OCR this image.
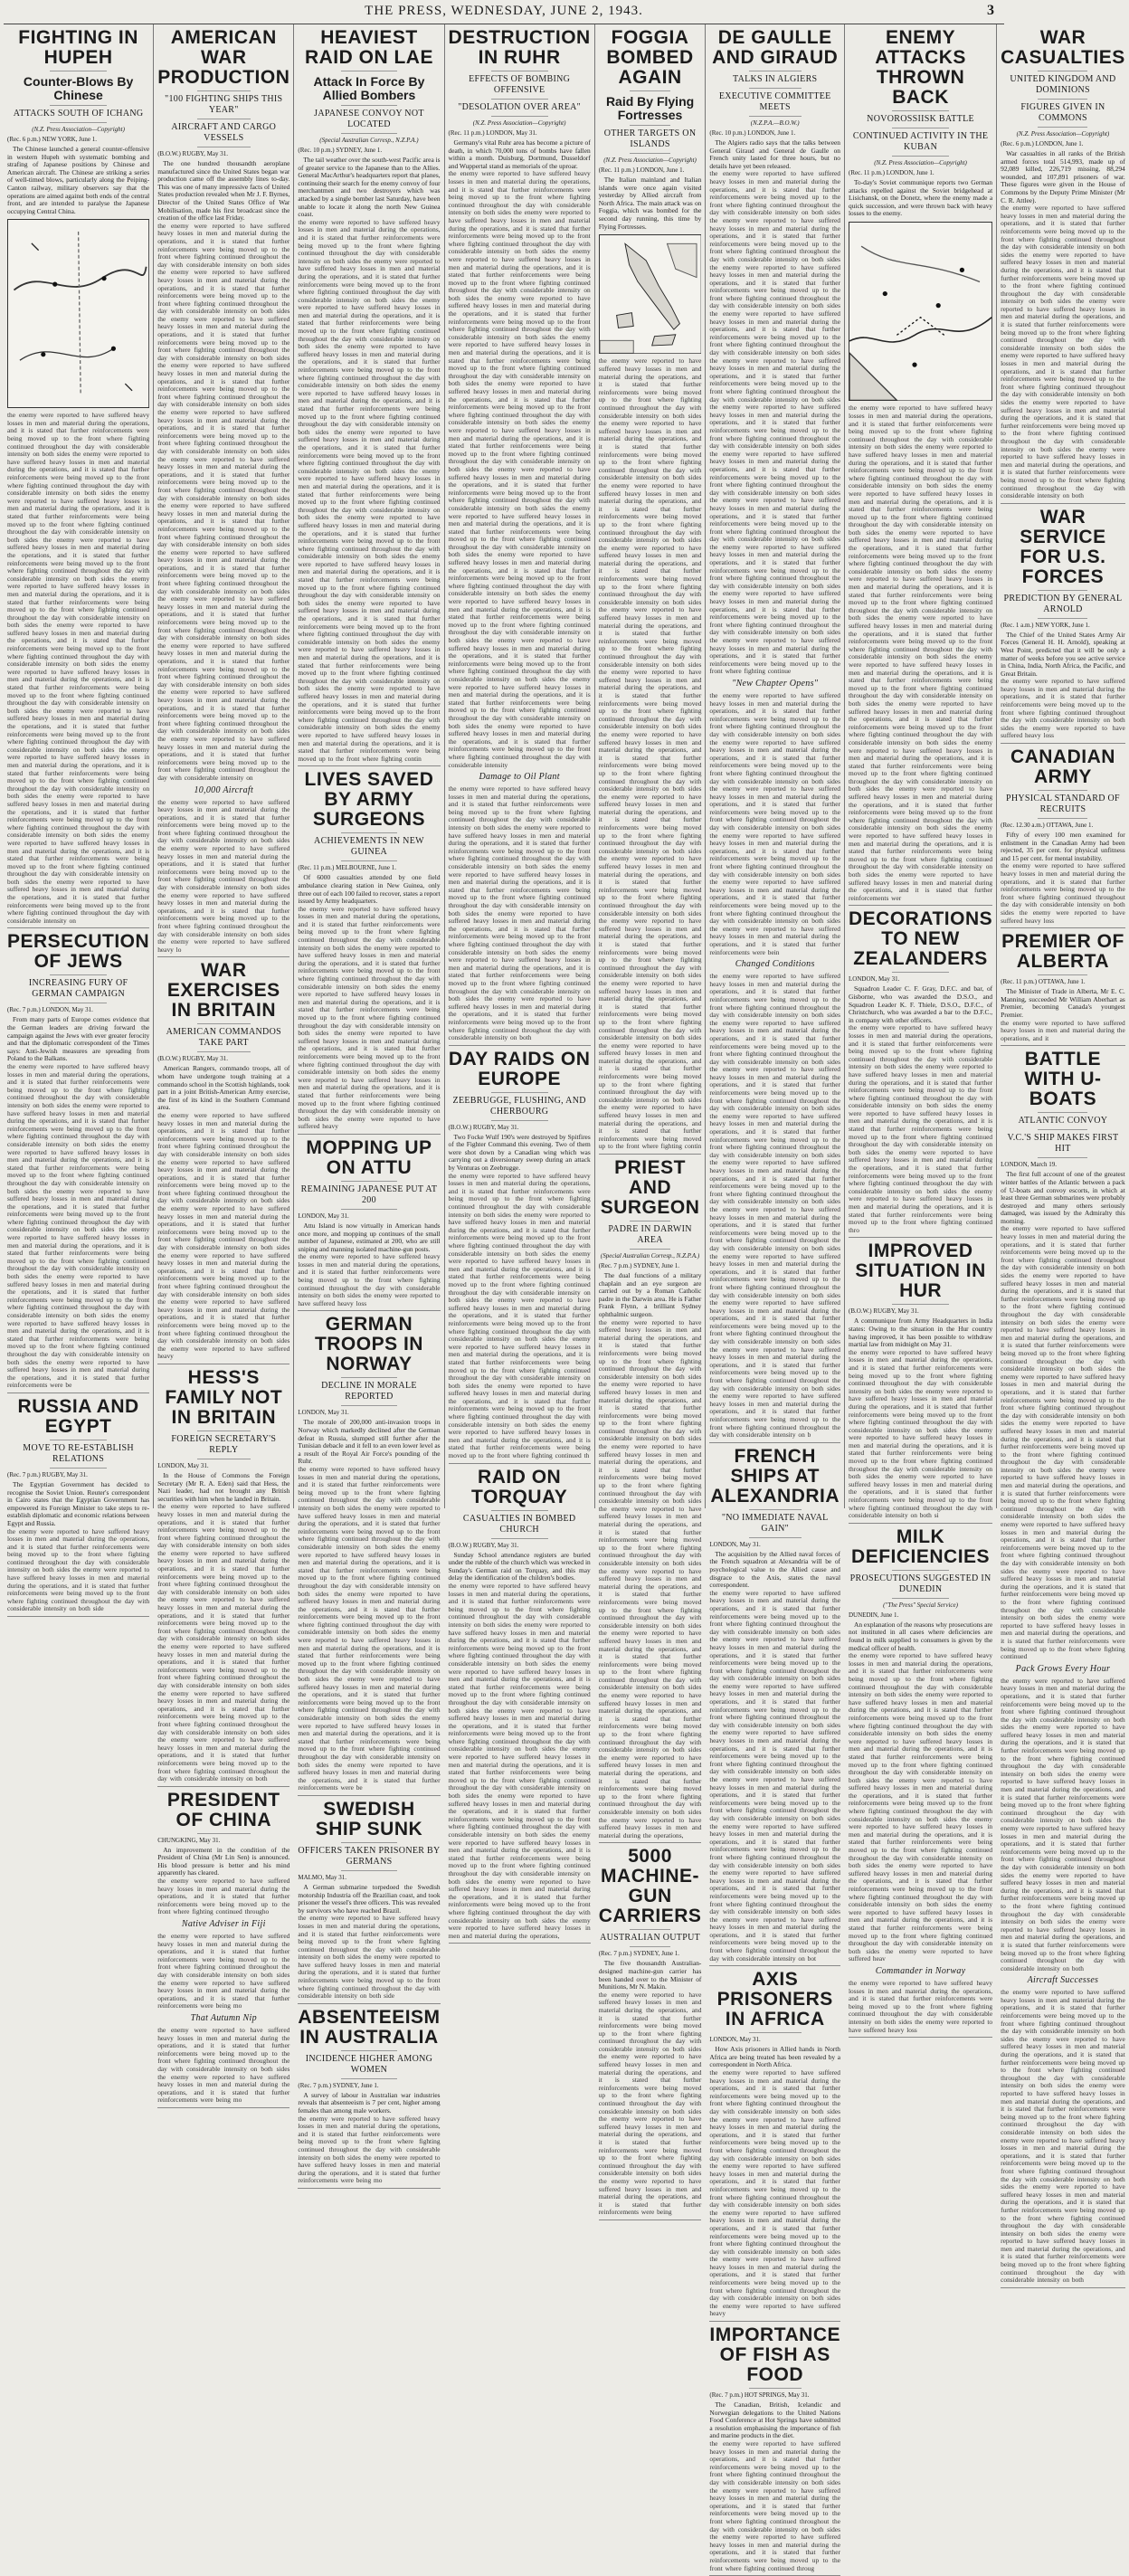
THE PRESS, WEDNESDAY, JUNE 2, 1943.	3
FIGHTING IN HUPEH
Counter-Blows By Chinese
ATTACKS SOUTH OF ICHANG
(N.Z. Press Association—Copyright)
(Rec. 6 p.m.) NEW YORK, June 1.

The Chinese launched a general counter-offensive in western Hupeh with systematic bombing and strafing of Japanese positions by Chinese and American aircraft. The Chinese are striking a series of well-timed blows, particularly along the Peiping-Canton railway, military observers say that the operations are aimed against both ends of the central front, and are intended to paralyse the Japanese occupying Central China.

the enemy were reported to have suffered heavy losses in men and material during the operations, and it is stated that further reinforcements were being moved up to the front where fighting continued throughout the day with considerable intensity on both sides the enemy were reported to have suffered heavy losses in men and material during the operations, and it is stated that further reinforcements were being moved up to the front where fighting continued throughout the day with considerable intensity on both sides the enemy were reported to have suffered heavy losses in men and material during the operations, and it is stated that further reinforcements were being moved up to the front where fighting continued throughout the day with considerable intensity on both sides the enemy were reported to have suffered heavy losses in men and material during the operations, and it is stated that further reinforcements were being moved up to the front where fighting continued throughout the day with considerable intensity on both sides the enemy were reported to have suffered heavy losses in men and material during the operations, and it is stated that further reinforcements were being moved up to the front where fighting continued throughout the day with considerable intensity on both sides the enemy were reported to have suffered heavy losses in men and material during the operations, and it is stated that further reinforcements were being moved up to the front where fighting continued throughout the day with considerable intensity on both sides the enemy were reported to have suffered heavy losses in men and material during the operations, and it is stated that further reinforcements were being moved up to the front where fighting continued throughout the day with considerable intensity on both sides the enemy were reported to have suffered heavy losses in men and material during the operations, and it is stated that further reinforcements were being moved up to the front where fighting continued throughout the day with considerable intensity on both sides the enemy were reported to have suffered heavy losses in men and material during the operations, and it is stated that further reinforcements were being moved up to the front where fighting continued throughout the day with considerable intensity on both sides the enemy were reported to have suffered heavy losses in men and material during the operations, and it is stated that further reinforcements were being moved up to the front where fighting continued throughout the day with considerable intensity on both sides the enemy were reported to have suffered heavy losses in men and material during the operations, and it is stated that further reinforcements were being moved up to the front where fighting continued throughout the day with considerable intensity on both sides the enemy were reported to have suffered heavy losses in men and material during the operations, and it is stated that further reinforcements were being moved up to the front where fighting continued throughout the day with considerable intensity on

PERSECUTION OF JEWS
INCREASING FURY OF GERMAN CAMPAIGN
(Rec. 7 p.m.) LONDON, May 31.

From many parts of Europe comes evidence that the German leaders are driving forward the campaign against the Jews with ever greater ferocity and that the diplomatic correspondent of the Times says: Anti-Jewish measures are spreading from Poland to the Balkans.

the enemy were reported to have suffered heavy losses in men and material during the operations, and it is stated that further reinforcements were being moved up to the front where fighting continued throughout the day with considerable intensity on both sides the enemy were reported to have suffered heavy losses in men and material during the operations, and it is stated that further reinforcements were being moved up to the front where fighting continued throughout the day with considerable intensity on both sides the enemy were reported to have suffered heavy losses in men and material during the operations, and it is stated that further reinforcements were being moved up to the front where fighting continued throughout the day with considerable intensity on both sides the enemy were reported to have suffered heavy losses in men and material during the operations, and it is stated that further reinforcements were being moved up to the front where fighting continued throughout the day with considerable intensity on both sides the enemy were reported to have suffered heavy losses in men and material during the operations, and it is stated that further reinforcements were being moved up to the front where fighting continued throughout the day with considerable intensity on both sides the enemy were reported to have suffered heavy losses in men and material during the operations, and it is stated that further reinforcements were being moved up to the front where fighting continued throughout the day with considerable intensity on both sides the enemy were reported to have suffered heavy losses in men and material during the operations, and it is stated that further reinforcements were being moved up to the front where fighting continued throughout the day with considerable intensity on both sides the enemy were reported to have suffered heavy losses in men and material during the operations, and it is stated that further reinforcements were be

RUSSIA AND EGYPT
MOVE TO RE-ESTABLISH RELATIONS
(Rec. 7 p.m.) RUGBY, May 31.

The Egyptian Government has decided to recognise the Soviet Union. Reuter's correspondent in Cairo states that the Egyptian Government has empowered its Foreign Minister to take steps to re-establish diplomatic and economic relations between Egypt and Russia.

the enemy were reported to have suffered heavy losses in men and material during the operations, and it is stated that further reinforcements were being moved up to the front where fighting continued throughout the day with considerable intensity on both sides the enemy were reported to have suffered heavy losses in men and material during the operations, and it is stated that further reinforcements were being moved up to the front where fighting continued throughout the day with considerable intensity on both side

AMERICAN WAR PRODUCTION
"100 FIGHTING SHIPS THIS YEAR"
AIRCRAFT AND CARGO VESSELS
(B.O.W.) RUGBY, May 31.

The one hundred thousandth aeroplane manufactured since the United States began war production came off the assembly lines to-day. This was one of many impressive facts of United States production revealed when Mr J. F. Byrnes, Director of the United States Office of War Mobilisation, made his first broadcast since the creation of the office last Friday.

the enemy were reported to have suffered heavy losses in men and material during the operations, and it is stated that further reinforcements were being moved up to the front where fighting continued throughout the day with considerable intensity on both sides the enemy were reported to have suffered heavy losses in men and material during the operations, and it is stated that further reinforcements were being moved up to the front where fighting continued throughout the day with considerable intensity on both sides the enemy were reported to have suffered heavy losses in men and material during the operations, and it is stated that further reinforcements were being moved up to the front where fighting continued throughout the day with considerable intensity on both sides the enemy were reported to have suffered heavy losses in men and material during the operations, and it is stated that further reinforcements were being moved up to the front where fighting continued throughout the day with considerable intensity on both sides the enemy were reported to have suffered heavy losses in men and material during the operations, and it is stated that further reinforcements were being moved up to the front where fighting continued throughout the day with considerable intensity on both sides the enemy were reported to have suffered heavy losses in men and material during the operations, and it is stated that further reinforcements were being moved up to the front where fighting continued throughout the day with considerable intensity on both sides the enemy were reported to have suffered heavy losses in men and material during the operations, and it is stated that further reinforcements were being moved up to the front where fighting continued throughout the day with considerable intensity on both sides the enemy were reported to have suffered heavy losses in men and material during the operations, and it is stated that further reinforcements were being moved up to the front where fighting continued throughout the day with considerable intensity on both sides the enemy were reported to have suffered heavy losses in men and material during the operations, and it is stated that further reinforcements were being moved up to the front where fighting continued throughout the day with considerable intensity on both sides the enemy were reported to have suffered heavy losses in men and material during the operations, and it is stated that further reinforcements were being moved up to the front where fighting continued throughout the day with considerable intensity on both sides the enemy were reported to have suffered heavy losses in men and material during the operations, and it is stated that further reinforcements were being moved up to the front where fighting continued throughout the day with considerable intensity on both sides the enemy were reported to have suffered heavy losses in men and material during the operations, and it is stated that further reinforcements were being moved up to the front where fighting continued throughout the day with considerable intensity on

10,000 Aircraft

the enemy were reported to have suffered heavy losses in men and material during the operations, and it is stated that further reinforcements were being moved up to the front where fighting continued throughout the day with considerable intensity on both sides the enemy were reported to have suffered heavy losses in men and material during the operations, and it is stated that further reinforcements were being moved up to the front where fighting continued throughout the day with considerable intensity on both sides the enemy were reported to have suffered heavy losses in men and material during the operations, and it is stated that further reinforcements were being moved up to the front where fighting continued throughout the day with considerable intensity on both sides the enemy were reported to have suffered heavy lo

WAR EXERCISES IN BRITAIN
AMERICAN COMMANDOS TAKE PART
(B.O.W.) RUGBY, May 31.

American Rangers, commando troops, all of whom have undergone tough training at a commando school in the Scottish highlands, took part in a joint British-American Army exercise, the first of its kind in the Southern Command area.

the enemy were reported to have suffered heavy losses in men and material during the operations, and it is stated that further reinforcements were being moved up to the front where fighting continued throughout the day with considerable intensity on both sides the enemy were reported to have suffered heavy losses in men and material during the operations, and it is stated that further reinforcements were being moved up to the front where fighting continued throughout the day with considerable intensity on both sides the enemy were reported to have suffered heavy losses in men and material during the operations, and it is stated that further reinforcements were being moved up to the front where fighting continued throughout the day with considerable intensity on both sides the enemy were reported to have suffered heavy losses in men and material during the operations, and it is stated that further reinforcements were being moved up to the front where fighting continued throughout the day with considerable intensity on both sides the enemy were reported to have suffered heavy losses in men and material during the operations, and it is stated that further reinforcements were being moved up to the front where fighting continued throughout the day with considerable intensity on both sides the enemy were reported to have suffered heavy

HESS'S FAMILY NOT IN BRITAIN
FOREIGN SECRETARY'S REPLY
LONDON, May 31.

In the House of Commons the Foreign Secretary (Mr R. A. Eden) said that Hess, the Nazi leader, had not brought any British securities with him when he landed in Britain.

the enemy were reported to have suffered heavy losses in men and material during the operations, and it is stated that further reinforcements were being moved up to the front where fighting continued throughout the day with considerable intensity on both sides the enemy were reported to have suffered heavy losses in men and material during the operations, and it is stated that further reinforcements were being moved up to the front where fighting continued throughout the day with considerable intensity on both sides the enemy were reported to have suffered heavy losses in men and material during the operations, and it is stated that further reinforcements were being moved up to the front where fighting continued throughout the day with considerable intensity on both sides the enemy were reported to have suffered heavy losses in men and material during the operations, and it is stated that further reinforcements were being moved up to the front where fighting continued throughout the day with considerable intensity on both sides the enemy were reported to have suffered heavy losses in men and material during the operations, and it is stated that further reinforcements were being moved up to the front where fighting continued throughout the day with considerable intensity on both sides the enemy were reported to have suffered heavy losses in men and material during the operations, and it is stated that further reinforcements were being moved up to the front where fighting continued throughout the day with considerable intensity on both

PRESIDENT OF CHINA
CHUNGKING, May 31.

An improvement in the condition of the President of China (Mr Lin Sen) is announced. His blood pressure is better and his mind apparently has cleared.

the enemy were reported to have suffered heavy losses in men and material during the operations, and it is stated that further reinforcements were being moved up to the front where fighting continued througho

Native Adviser in Fiji

the enemy were reported to have suffered heavy losses in men and material during the operations, and it is stated that further reinforcements were being moved up to the front where fighting continued throughout the day with considerable intensity on both sides the enemy were reported to have suffered heavy losses in men and material during the operations, and it is stated that further reinforcements were being mo

That Autumn Nip

the enemy were reported to have suffered heavy losses in men and material during the operations, and it is stated that further reinforcements were being moved up to the front where fighting continued throughout the day with considerable intensity on both sides the enemy were reported to have suffered heavy losses in men and material during the operations, and it is stated that further reinforcements were being mo

HEAVIEST RAID ON LAE
Attack In Force By Allied Bombers
JAPANESE CONVOY NOT LOCATED
(Special Australian Corresp., N.Z.P.A.)
(Rec. 10 p.m.) SYDNEY, June 1.

The tail weather over the south-west Pacific area is of greater service to the Japanese than to the Allies. General MacArthur's headquarters report that planes, continuing their search for the enemy convoy of four merchantmen and two destroyers which was attacked by a single bomber last Saturday, have been unable to locate it along the north New Guinea coast.

the enemy were reported to have suffered heavy losses in men and material during the operations, and it is stated that further reinforcements were being moved up to the front where fighting continued throughout the day with considerable intensity on both sides the enemy were reported to have suffered heavy losses in men and material during the operations, and it is stated that further reinforcements were being moved up to the front where fighting continued throughout the day with considerable intensity on both sides the enemy were reported to have suffered heavy losses in men and material during the operations, and it is stated that further reinforcements were being moved up to the front where fighting continued throughout the day with considerable intensity on both sides the enemy were reported to have suffered heavy losses in men and material during the operations, and it is stated that further reinforcements were being moved up to the front where fighting continued throughout the day with considerable intensity on both sides the enemy were reported to have suffered heavy losses in men and material during the operations, and it is stated that further reinforcements were being moved up to the front where fighting continued throughout the day with considerable intensity on both sides the enemy were reported to have suffered heavy losses in men and material during the operations, and it is stated that further reinforcements were being moved up to the front where fighting continued throughout the day with considerable intensity on both sides the enemy were reported to have suffered heavy losses in men and material during the operations, and it is stated that further reinforcements were being moved up to the front where fighting continued throughout the day with considerable intensity on both sides the enemy were reported to have suffered heavy losses in men and material during the operations, and it is stated that further reinforcements were being moved up to the front where fighting continued throughout the day with considerable intensity on both sides the enemy were reported to have suffered heavy losses in men and material during the operations, and it is stated that further reinforcements were being moved up to the front where fighting continued throughout the day with considerable intensity on both sides the enemy were reported to have suffered heavy losses in men and material during the operations, and it is stated that further reinforcements were being moved up to the front where fighting continued throughout the day with considerable intensity on both sides the enemy were reported to have suffered heavy losses in men and material during the operations, and it is stated that further reinforcements were being moved up to the front where fighting continued throughout the day with considerable intensity on both sides the enemy were reported to have suffered heavy losses in men and material during the operations, and it is stated that further reinforcements were being moved up to the front where fighting continued throughout the day with considerable intensity on both sides the enemy were reported to have suffered heavy losses in men and material during the operations, and it is stated that further reinforcements were being moved up to the front where fighting contin

LIVES SAVED BY ARMY SURGEONS
ACHIEVEMENTS IN NEW GUINEA
(Rec. 11 p.m.) MELBOURNE, June 1.

Of 6000 casualties attended by one field ambulance clearing station in New Guinea, only three out of each 100 failed to recover, states a report issued by Army headquarters.

the enemy were reported to have suffered heavy losses in men and material during the operations, and it is stated that further reinforcements were being moved up to the front where fighting continued throughout the day with considerable intensity on both sides the enemy were reported to have suffered heavy losses in men and material during the operations, and it is stated that further reinforcements were being moved up to the front where fighting continued throughout the day with considerable intensity on both sides the enemy were reported to have suffered heavy losses in men and material during the operations, and it is stated that further reinforcements were being moved up to the front where fighting continued throughout the day with considerable intensity on both sides the enemy were reported to have suffered heavy losses in men and material during the operations, and it is stated that further reinforcements were being moved up to the front where fighting continued throughout the day with considerable intensity on both sides the enemy were reported to have suffered heavy losses in men and material during the operations, and it is stated that further reinforcements were being moved up to the front where fighting continued throughout the day with considerable intensity on both sides the enemy were reported to have suffered heavy

MOPPING UP ON ATTU
REMAINING JAPANESE PUT AT 200
LONDON, May 31.

Attu Island is now virtually in American hands once more, and mopping up continues of the small number of Japanese, estimated at 200, who are still sniping and manning isolated machine-gun posts.

the enemy were reported to have suffered heavy losses in men and material during the operations, and it is stated that further reinforcements were being moved up to the front where fighting continued throughout the day with considerable intensity on both sides the enemy were reported to have suffered heavy loss

GERMAN TROOPS IN NORWAY
DECLINE IN MORALE REPORTED
LONDON, May 31.

The morale of 200,000 anti-invasion troops in Norway which markedly declined after the German defeat in Russia, slumped still further after the Tunisian debacle and it fell to an even lower level as a result of the Royal Air Force's pounding of the Ruhr.

the enemy were reported to have suffered heavy losses in men and material during the operations, and it is stated that further reinforcements were being moved up to the front where fighting continued throughout the day with considerable intensity on both sides the enemy were reported to have suffered heavy losses in men and material during the operations, and it is stated that further reinforcements were being moved up to the front where fighting continued throughout the day with considerable intensity on both sides the enemy were reported to have suffered heavy losses in men and material during the operations, and it is stated that further reinforcements were being moved up to the front where fighting continued throughout the day with considerable intensity on both sides the enemy were reported to have suffered heavy losses in men and material during the operations, and it is stated that further reinforcements were being moved up to the front where fighting continued throughout the day with considerable intensity on both sides the enemy were reported to have suffered heavy losses in men and material during the operations, and it is stated that further reinforcements were being moved up to the front where fighting continued throughout the day with considerable intensity on both sides the enemy were reported to have suffered heavy losses in men and material during the operations, and it is stated that further reinforcements were being moved up to the front where fighting continued throughout the day with considerable intensity on both sides the enemy were reported to have suffered heavy losses in men and material during the operations, and it is stated that further reinforcements were being moved up to the front where fighting continued throughout the day with considerable intensity on both sides the enemy were reported to have suffered heavy losses in men and material during the operations, and it is stated that further reinforcements were be

SWEDISH SHIP SUNK
OFFICERS TAKEN PRISONER BY GERMANS
MALMO, May 31.

A German submarine torpedoed the Swedish motorship Industria off the Brazilian coast, and took prisoner the vessel's three officers. This was revealed by survivors who have reached Brazil.

the enemy were reported to have suffered heavy losses in men and material during the operations, and it is stated that further reinforcements were being moved up to the front where fighting continued throughout the day with considerable intensity on both sides the enemy were reported to have suffered heavy losses in men and material during the operations, and it is stated that further reinforcements were being moved up to the front where fighting continued throughout the day with considerable intensity on both side

ABSENTEEISM IN AUSTRALIA
INCIDENCE HIGHER AMONG WOMEN
(Rec. 7 p.m.) SYDNEY, June 1.

A survey of labour in Australian war industries reveals that absenteeism is 7 per cent, higher among females than among male workers.

the enemy were reported to have suffered heavy losses in men and material during the operations, and it is stated that further reinforcements were being moved up to the front where fighting continued throughout the day with considerable intensity on both sides the enemy were reported to have suffered heavy losses in men and material during the operations, and it is stated that further reinforcements were being mo

DESTRUCTION IN RUHR
EFFECTS OF BOMBING OFFENSIVE
"DESOLATION OVER AREA"
(N.Z. Press Association—Copyright)
(Rec. 11 p.m.) LONDON, May 31.

Germany's vital Ruhr area has become a picture of death, in which 70,000 tons of bombs have fallen within a month. Duisburg, Dortmund, Dusseldorf and Wuppertal stand as memorials of the uproar.

the enemy were reported to have suffered heavy losses in men and material during the operations, and it is stated that further reinforcements were being moved up to the front where fighting continued throughout the day with considerable intensity on both sides the enemy were reported to have suffered heavy losses in men and material during the operations, and it is stated that further reinforcements were being moved up to the front where fighting continued throughout the day with considerable intensity on both sides the enemy were reported to have suffered heavy losses in men and material during the operations, and it is stated that further reinforcements were being moved up to the front where fighting continued throughout the day with considerable intensity on both sides the enemy were reported to have suffered heavy losses in men and material during the operations, and it is stated that further reinforcements were being moved up to the front where fighting continued throughout the day with considerable intensity on both sides the enemy were reported to have suffered heavy losses in men and material during the operations, and it is stated that further reinforcements were being moved up to the front where fighting continued throughout the day with considerable intensity on both sides the enemy were reported to have suffered heavy losses in men and material during the operations, and it is stated that further reinforcements were being moved up to the front where fighting continued throughout the day with considerable intensity on both sides the enemy were reported to have suffered heavy losses in men and material during the operations, and it is stated that further reinforcements were being moved up to the front where fighting continued throughout the day with considerable intensity on both sides the enemy were reported to have suffered heavy losses in men and material during the operations, and it is stated that further reinforcements were being moved up to the front where fighting continued throughout the day with considerable intensity on both sides the enemy were reported to have suffered heavy losses in men and material during the operations, and it is stated that further reinforcements were being moved up to the front where fighting continued throughout the day with considerable intensity on both sides the enemy were reported to have suffered heavy losses in men and material during the operations, and it is stated that further reinforcements were being moved up to the front where fighting continued throughout the day with considerable intensity on both sides the enemy were reported to have suffered heavy losses in men and material during the operations, and it is stated that further reinforcements were being moved up to the front where fighting continued throughout the day with considerable intensity on both sides the enemy were reported to have suffered heavy losses in men and material during the operations, and it is stated that further reinforcements were being moved up to the front where fighting continued throughout the day with considerable intensity on both sides the enemy were reported to have suffered heavy losses in men and material during the operations, and it is stated that further reinforcements were being moved up to the front where fighting continued throughout the day with considerable intensity on both sides the enemy were reported to have suffered heavy losses in men and material during the operations, and it is stated that further reinforcements were being moved up to the front where fighting continued throughout the day with considerable intensity

Damage to Oil Plant

the enemy were reported to have suffered heavy losses in men and material during the operations, and it is stated that further reinforcements were being moved up to the front where fighting continued throughout the day with considerable intensity on both sides the enemy were reported to have suffered heavy losses in men and material during the operations, and it is stated that further reinforcements were being moved up to the front where fighting continued throughout the day with considerable intensity on both sides the enemy were reported to have suffered heavy losses in men and material during the operations, and it is stated that further reinforcements were being moved up to the front where fighting continued throughout the day with considerable intensity on both sides the enemy were reported to have suffered heavy losses in men and material during the operations, and it is stated that further reinforcements were being moved up to the front where fighting continued throughout the day with considerable intensity on both sides the enemy were reported to have suffered heavy losses in men and material during the operations, and it is stated that further reinforcements were being moved up to the front where fighting continued throughout the day with considerable intensity on both sides the enemy were reported to have suffered heavy losses in men and material during the operations, and it is stated that further reinforcements were being moved up to the front where fighting continued throughout the day with considerable intensity on both

DAY RAIDS ON EUROPE
ZEEBRUGGE, FLUSHING, AND CHERBOURG
(B.O.W.) RUGBY, May 31.

Two Focke Wulf 190's were destroyed by Spitfires of the Fighter Command this evening. Two of them were shot down by a Canadian wing which was carrying out a diversionary sweep during an attack by Venturas on Zeebrugge.

the enemy were reported to have suffered heavy losses in men and material during the operations, and it is stated that further reinforcements were being moved up to the front where fighting continued throughout the day with considerable intensity on both sides the enemy were reported to have suffered heavy losses in men and material during the operations, and it is stated that further reinforcements were being moved up to the front where fighting continued throughout the day with considerable intensity on both sides the enemy were reported to have suffered heavy losses in men and material during the operations, and it is stated that further reinforcements were being moved up to the front where fighting continued throughout the day with considerable intensity on both sides the enemy were reported to have suffered heavy losses in men and material during the operations, and it is stated that further reinforcements were being moved up to the front where fighting continued throughout the day with considerable intensity on both sides the enemy were reported to have suffered heavy losses in men and material during the operations, and it is stated that further reinforcements were being moved up to the front where fighting continued throughout the day with considerable intensity on both sides the enemy were reported to have suffered heavy losses in men and material during the operations, and it is stated that further reinforcements were being moved up to the front where fighting continued throughout the day with considerable intensity on both sides the enemy were reported to have suffered heavy losses in men and material during the operations, and it is stated that further reinforcements were being moved up to the front where fighting continued th

RAID ON TORQUAY
CASUALTIES IN BOMBED CHURCH
(B.O.W.) RUGBY, May 31.

Sunday School attendance registers are buried under the rubble of the church which was wrecked in Sunday's German raid on Torquay, and this may delay the identification of the children's bodies.

the enemy were reported to have suffered heavy losses in men and material during the operations, and it is stated that further reinforcements were being moved up to the front where fighting continued throughout the day with considerable intensity on both sides the enemy were reported to have suffered heavy losses in men and material during the operations, and it is stated that further reinforcements were being moved up to the front where fighting continued throughout the day with considerable intensity on both sides the enemy were reported to have suffered heavy losses in men and material during the operations, and it is stated that further reinforcements were being moved up to the front where fighting continued throughout the day with considerable intensity on both sides the enemy were reported to have suffered heavy losses in men and material during the operations, and it is stated that further reinforcements were being moved up to the front where fighting continued throughout the day with considerable intensity on both sides the enemy were reported to have suffered heavy losses in men and material during the operations, and it is stated that further reinforcements were being moved up to the front where fighting continued throughout the day with considerable intensity on both sides the enemy were reported to have suffered heavy losses in men and material during the operations, and it is stated that further reinforcements were being moved up to the front where fighting continued throughout the day with considerable intensity on both sides the enemy were reported to have suffered heavy losses in men and material during the operations, and it is stated that further reinforcements were being moved up to the front where fighting continued throughout the day with considerable intensity on both sides the enemy were reported to have suffered heavy losses in men and material during the operations, and it is stated that further reinforcements were being moved up to the front where fighting continued throughout the day with considerable intensity on both sides the enemy were reported to have suffered heavy losses in men and material during the operations,

FOGGIA BOMBED AGAIN
Raid By Flying Fortresses
OTHER TARGETS ON ISLANDS
(N.Z. Press Association—Copyright)
(Rec. 11 p.m.) LONDON, June 1.

The Italian mainland and Italian islands were once again visited yesterday by Allied aircraft from North Africa. The main attack was on Foggia, which was bombed for the second day running, this time by Flying Fortresses.

the enemy were reported to have suffered heavy losses in men and material during the operations, and it is stated that further reinforcements were being moved up to the front where fighting continued throughout the day with considerable intensity on both sides the enemy were reported to have suffered heavy losses in men and material during the operations, and it is stated that further reinforcements were being moved up to the front where fighting continued throughout the day with considerable intensity on both sides the enemy were reported to have suffered heavy losses in men and material during the operations, and it is stated that further reinforcements were being moved up to the front where fighting continued throughout the day with considerable intensity on both sides the enemy were reported to have suffered heavy losses in men and material during the operations, and it is stated that further reinforcements were being moved up to the front where fighting continued throughout the day with considerable intensity on both sides the enemy were reported to have suffered heavy losses in men and material during the operations, and it is stated that further reinforcements were being moved up to the front where fighting continued throughout the day with considerable intensity on both sides the enemy were reported to have suffered heavy losses in men and material during the operations, and it is stated that further reinforcements were being moved up to the front where fighting continued throughout the day with considerable intensity on both sides the enemy were reported to have suffered heavy losses in men and material during the operations, and it is stated that further reinforcements were being moved up to the front where fighting continued throughout the day with considerable intensity on both sides the enemy were reported to have suffered heavy losses in men and material during the operations, and it is stated that further reinforcements were being moved up to the front where fighting continued throughout the day with considerable intensity on both sides the enemy were reported to have suffered heavy losses in men and material during the operations, and it is stated that further reinforcements were being moved up to the front where fighting continued throughout the day with considerable intensity on both sides the enemy were reported to have suffered heavy losses in men and material during the operations, and it is stated that further reinforcements were being moved up to the front where fighting continued throughout the day with considerable intensity on both sides the enemy were reported to have suffered heavy losses in men and material during the operations, and it is stated that further reinforcements were being moved up to the front where fighting continued throughout the day with considerable intensity on both sides the enemy were reported to have suffered heavy losses in men and material during the operations, and it is stated that further reinforcements were being moved up to the front where fighting continued throughout the day with considerable intensity on both sides the enemy were reported to have suffered heavy losses in men and material during the operations, and it is stated that further reinforcements were being moved up to the front where fighting contin

PRIEST AND SURGEON
PADRE IN DARWIN AREA
(Special Australian Corresp., N.Z.P.A.)
(Rec. 7 p.m.) SYDNEY, June 1.

The dual functions of a military chaplain and an eye surgeon are carried out by a Roman Catholic padre in the Darwin area. He is Father Frank Flynn, a brilliant Sydney ophthalmic surgeon.

the enemy were reported to have suffered heavy losses in men and material during the operations, and it is stated that further reinforcements were being moved up to the front where fighting continued throughout the day with considerable intensity on both sides the enemy were reported to have suffered heavy losses in men and material during the operations, and it is stated that further reinforcements were being moved up to the front where fighting continued throughout the day with considerable intensity on both sides the enemy were reported to have suffered heavy losses in men and material during the operations, and it is stated that further reinforcements were being moved up to the front where fighting continued throughout the day with considerable intensity on both sides the enemy were reported to have suffered heavy losses in men and material during the operations, and it is stated that further reinforcements were being moved up to the front where fighting continued throughout the day with considerable intensity on both sides the enemy were reported to have suffered heavy losses in men and material during the operations, and it is stated that further reinforcements were being moved up to the front where fighting continued throughout the day with considerable intensity on both sides the enemy were reported to have suffered heavy losses in men and material during the operations, and it is stated that further reinforcements were being moved up to the front where fighting continued throughout the day with considerable intensity on both sides the enemy were reported to have suffered heavy losses in men and material during the operations, and it is stated that further reinforcements were being moved up to the front where fighting continued throughout the day with considerable intensity on both sides the enemy were reported to have suffered heavy losses in men and material during the operations, and it is stated that further reinforcements were being moved up to the front where fighting continued throughout the day with considerable intensity on both sides the enemy were reported to have suffered heavy losses in men and material during the operations,

5000 MACHINE-GUN CARRIERS
AUSTRALIAN OUTPUT
(Rec. 7 p.m.) SYDNEY, June 1.

The five thousandth Australian-designed machine-gun carrier has been handed over to the Minister of Munitions, Mr N. Makin.

the enemy were reported to have suffered heavy losses in men and material during the operations, and it is stated that further reinforcements were being moved up to the front where fighting continued throughout the day with considerable intensity on both sides the enemy were reported to have suffered heavy losses in men and material during the operations, and it is stated that further reinforcements were being moved up to the front where fighting continued throughout the day with considerable intensity on both sides the enemy were reported to have suffered heavy losses in men and material during the operations, and it is stated that further reinforcements were being moved up to the front where fighting continued throughout the day with considerable intensity on both sides the enemy were reported to have suffered heavy losses in men and material during the operations, and it is stated that further reinforcements were being

DE GAULLE AND GIRAUD
TALKS IN ALGIERS
EXECUTIVE COMMITTEE MEETS
(N.Z.P.A.—B.O.W.)
(Rec. 10 p.m.) LONDON, June 1.

The Algiers radio says that the talks between General Giraud and General de Gaulle on French unity lasted for three hours, but no details have yet been released.

the enemy were reported to have suffered heavy losses in men and material during the operations, and it is stated that further reinforcements were being moved up to the front where fighting continued throughout the day with considerable intensity on both sides the enemy were reported to have suffered heavy losses in men and material during the operations, and it is stated that further reinforcements were being moved up to the front where fighting continued throughout the day with considerable intensity on both sides the enemy were reported to have suffered heavy losses in men and material during the operations, and it is stated that further reinforcements were being moved up to the front where fighting continued throughout the day with considerable intensity on both sides the enemy were reported to have suffered heavy losses in men and material during the operations, and it is stated that further reinforcements were being moved up to the front where fighting continued throughout the day with considerable intensity on both sides the enemy were reported to have suffered heavy losses in men and material during the operations, and it is stated that further reinforcements were being moved up to the front where fighting continued throughout the day with considerable intensity on both sides the enemy were reported to have suffered heavy losses in men and material during the operations, and it is stated that further reinforcements were being moved up to the front where fighting continued throughout the day with considerable intensity on both sides the enemy were reported to have suffered heavy losses in men and material during the operations, and it is stated that further reinforcements were being moved up to the front where fighting continued throughout the day with considerable intensity on both sides the enemy were reported to have suffered heavy losses in men and material during the operations, and it is stated that further reinforcements were being moved up to the front where fighting continued throughout the day with considerable intensity on both sides the enemy were reported to have suffered heavy losses in men and material during the operations, and it is stated that further reinforcements were being moved up to the front where fighting continued throughout the day with considerable intensity on both sides the enemy were reported to have suffered heavy losses in men and material during the operations, and it is stated that further reinforcements were being moved up to the front where fighting continued throughout the day with considerable intensity on both sides the enemy were reported to have suffered heavy losses in men and material during the operations, and it is stated that further reinforcements were being moved up to the front where fighting continue

"New Chapter Opens"

the enemy were reported to have suffered heavy losses in men and material during the operations, and it is stated that further reinforcements were being moved up to the front where fighting continued throughout the day with considerable intensity on both sides the enemy were reported to have suffered heavy losses in men and material during the operations, and it is stated that further reinforcements were being moved up to the front where fighting continued throughout the day with considerable intensity on both sides the enemy were reported to have suffered heavy losses in men and material during the operations, and it is stated that further reinforcements were being moved up to the front where fighting continued throughout the day with considerable intensity on both sides the enemy were reported to have suffered heavy losses in men and material during the operations, and it is stated that further reinforcements were being moved up to the front where fighting continued throughout the day with considerable intensity on both sides the enemy were reported to have suffered heavy losses in men and material during the operations, and it is stated that further reinforcements were being moved up to the front where fighting continued throughout the day with considerable intensity on both sides the enemy were reported to have suffered heavy losses in men and material during the operations, and it is stated that further reinforcements were bein

Changed Conditions

the enemy were reported to have suffered heavy losses in men and material during the operations, and it is stated that further reinforcements were being moved up to the front where fighting continued throughout the day with considerable intensity on both sides the enemy were reported to have suffered heavy losses in men and material during the operations, and it is stated that further reinforcements were being moved up to the front where fighting continued throughout the day with considerable intensity on both sides the enemy were reported to have suffered heavy losses in men and material during the operations, and it is stated that further reinforcements were being moved up to the front where fighting continued throughout the day with considerable intensity on both sides the enemy were reported to have suffered heavy losses in men and material during the operations, and it is stated that further reinforcements were being moved up to the front where fighting continued throughout the day with considerable intensity on both sides the enemy were reported to have suffered heavy losses in men and material during the operations, and it is stated that further reinforcements were being moved up to the front where fighting continued throughout the day with considerable intensity on both sides the enemy were reported to have suffered heavy losses in men and material during the operations, and it is stated that further reinforcements were being moved up to the front where fighting continued throughout the day with considerable intensity on both sides the enemy were reported to have suffered heavy losses in men and material during the operations, and it is stated that further reinforcements were being moved up to the front where fighting continued throughout the day with considerable intensity on both sides the enemy were reported to have suffered heavy losses in men and material during the operations, and it is stated that further reinforcements were being moved up to the front where fighting continued throughout the day with considerable intensity on both sides the enemy were reported to have suffered heavy losses in men and material during the operations, and it is stated that further reinforcements were being moved up to the front where fighting continued throughout the day with considerable intensity on both sides the enemy were reported to have suffered heavy losses in men and material during the operations, and it is stated that further reinforcements were being moved up to the front where fighting continued throughout the day with considerable intensity on b

FRENCH SHIPS AT ALEXANDRIA
"NO IMMEDIATE NAVAL GAIN"
LONDON, May 31.

The acquisition by the Allied naval forces of the French squadron at Alexandria will be of psychological value to the Allied cause and disgrace to the Axis, states the naval correspondent.

the enemy were reported to have suffered heavy losses in men and material during the operations, and it is stated that further reinforcements were being moved up to the front where fighting continued throughout the day with considerable intensity on both sides the enemy were reported to have suffered heavy losses in men and material during the operations, and it is stated that further reinforcements were being moved up to the front where fighting continued throughout the day with considerable intensity on both sides the enemy were reported to have suffered heavy losses in men and material during the operations, and it is stated that further reinforcements were being moved up to the front where fighting continued throughout the day with considerable intensity on both sides the enemy were reported to have suffered heavy losses in men and material during the operations, and it is stated that further reinforcements were being moved up to the front where fighting continued throughout the day with considerable intensity on both sides the enemy were reported to have suffered heavy losses in men and material during the operations, and it is stated that further reinforcements were being moved up to the front where fighting continued throughout the day with considerable intensity on both sides the enemy were reported to have suffered heavy losses in men and material during the operations, and it is stated that further reinforcements were being moved up to the front where fighting continued throughout the day with considerable intensity on both sides the enemy were reported to have suffered heavy losses in men and material during the operations, and it is stated that further reinforcements were being moved up to the front where fighting continued throughout the day with considerable intensity on both sides the enemy were reported to have suffered heavy losses in men and material during the operations, and it is stated that further reinforcements were being moved up to the front where fighting continued throughout the day with considerable intensity on bot

AXIS PRISONERS IN AFRICA
LONDON, May 31.

How Axis prisoners in Allied hands in North Africa are being treated has been revealed by a correspondent in North Africa.

the enemy were reported to have suffered heavy losses in men and material during the operations, and it is stated that further reinforcements were being moved up to the front where fighting continued throughout the day with considerable intensity on both sides the enemy were reported to have suffered heavy losses in men and material during the operations, and it is stated that further reinforcements were being moved up to the front where fighting continued throughout the day with considerable intensity on both sides the enemy were reported to have suffered heavy losses in men and material during the operations, and it is stated that further reinforcements were being moved up to the front where fighting continued throughout the day with considerable intensity on both sides the enemy were reported to have suffered heavy losses in men and material during the operations, and it is stated that further reinforcements were being moved up to the front where fighting continued throughout the day with considerable intensity on both sides the enemy were reported to have suffered heavy losses in men and material during the operations, and it is stated that further reinforcements were being moved up to the front where fighting continued throughout the day with considerable intensity on both sides the enemy were reported to have suffered heavy

IMPORTANCE OF FISH AS FOOD
(Rec. 7 p.m.) HOT SPRINGS, May 31.

The Canadian, British, Icelandic and Norwegian delegations to the United Nations Food Conference at Hot Springs have submitted a resolution emphasising the importance of fish and marine products in the diet.

the enemy were reported to have suffered heavy losses in men and material during the operations, and it is stated that further reinforcements were being moved up to the front where fighting continued throughout the day with considerable intensity on both sides the enemy were reported to have suffered heavy losses in men and material during the operations, and it is stated that further reinforcements were being moved up to the front where fighting continued throughout the day with considerable intensity on both sides the enemy were reported to have suffered heavy losses in men and material during the operations, and it is stated that further reinforcements were being moved up to the front where fighting continued throug

ENEMY ATTACKS THROWN BACK
NOVOROSSIISK BATTLE
CONTINUED ACTIVITY IN THE KUBAN
(N.Z. Press Association—Copyright)
(Rec. 11 p.m.) LONDON, June 1.

To-day's Soviet communique reports two German attacks repelled against the Soviet bridgehead at Lisichansk, on the Donetz, where the enemy made a quick succession, and were thrown back with heavy losses to the enemy.

the enemy were reported to have suffered heavy losses in men and material during the operations, and it is stated that further reinforcements were being moved up to the front where fighting continued throughout the day with considerable intensity on both sides the enemy were reported to have suffered heavy losses in men and material during the operations, and it is stated that further reinforcements were being moved up to the front where fighting continued throughout the day with considerable intensity on both sides the enemy were reported to have suffered heavy losses in men and material during the operations, and it is stated that further reinforcements were being moved up to the front where fighting continued throughout the day with considerable intensity on both sides the enemy were reported to have suffered heavy losses in men and material during the operations, and it is stated that further reinforcements were being moved up to the front where fighting continued throughout the day with considerable intensity on both sides the enemy were reported to have suffered heavy losses in men and material during the operations, and it is stated that further reinforcements were being moved up to the front where fighting continued throughout the day with considerable intensity on both sides the enemy were reported to have suffered heavy losses in men and material during the operations, and it is stated that further reinforcements were being moved up to the front where fighting continued throughout the day with considerable intensity on both sides the enemy were reported to have suffered heavy losses in men and material during the operations, and it is stated that further reinforcements were being moved up to the front where fighting continued throughout the day with considerable intensity on both sides the enemy were reported to have suffered heavy losses in men and material during the operations, and it is stated that further reinforcements were being moved up to the front where fighting continued throughout the day with considerable intensity on both sides the enemy were reported to have suffered heavy losses in men and material during the operations, and it is stated that further reinforcements were being moved up to the front where fighting continued throughout the day with considerable intensity on both sides the enemy were reported to have suffered heavy losses in men and material during the operations, and it is stated that further reinforcements were being moved up to the front where fighting continued throughout the day with considerable intensity on both sides the enemy were reported to have suffered heavy losses in men and material during the operations, and it is stated that further reinforcements were being moved up to the front where fighting continued throughout the day with considerable intensity on both sides the enemy were reported to have suffered heavy losses in men and material during the operations, and it is stated that further reinforcements wer

DECORATIONS TO NEW ZEALANDERS
LONDON, May 31.

Squadron Leader C. F. Gray, D.F.C. and bar, of Gisborne, who was awarded the D.S.O., and Squadron Leader K. F. Thiele, D.S.O., D.F.C., of Christchurch, who was awarded a bar to the D.F.C., in company with other officers.

the enemy were reported to have suffered heavy losses in men and material during the operations, and it is stated that further reinforcements were being moved up to the front where fighting continued throughout the day with considerable intensity on both sides the enemy were reported to have suffered heavy losses in men and material during the operations, and it is stated that further reinforcements were being moved up to the front where fighting continued throughout the day with considerable intensity on both sides the enemy were reported to have suffered heavy losses in men and material during the operations, and it is stated that further reinforcements were being moved up to the front where fighting continued throughout the day with considerable intensity on both sides the enemy were reported to have suffered heavy losses in men and material during the operations, and it is stated that further reinforcements were being moved up to the front where fighting continued throughout the day with considerable intensity on both sides the enemy were reported to have suffered heavy losses in men and material during the operations, and it is stated that further reinforcements were being moved up to the front where fighting continued thro

IMPROVED SITUATION IN HUR
(B.O.W.) RUGBY, May 31.

A communique from Army Headquarters in India states: Owing to the situation in the Hur country having improved, it has been possible to withdraw martial law from midnight on May 31.

the enemy were reported to have suffered heavy losses in men and material during the operations, and it is stated that further reinforcements were being moved up to the front where fighting continued throughout the day with considerable intensity on both sides the enemy were reported to have suffered heavy losses in men and material during the operations, and it is stated that further reinforcements were being moved up to the front where fighting continued throughout the day with considerable intensity on both sides the enemy were reported to have suffered heavy losses in men and material during the operations, and it is stated that further reinforcements were being moved up to the front where fighting continued throughout the day with considerable intensity on both sides the enemy were reported to have suffered heavy losses in men and material during the operations, and it is stated that further reinforcements were being moved up to the front where fighting continued throughout the day with considerable intensity on both si

MILK DEFICIENCIES
PROSECUTIONS SUGGESTED IN DUNEDIN
("The Press" Special Service)
DUNEDIN, June 1.

An explanation of the reasons why prosecutions are not instituted in all cases where deficiencies are found in milk supplied to consumers is given by the medical officer of health.

the enemy were reported to have suffered heavy losses in men and material during the operations, and it is stated that further reinforcements were being moved up to the front where fighting continued throughout the day with considerable intensity on both sides the enemy were reported to have suffered heavy losses in men and material during the operations, and it is stated that further reinforcements were being moved up to the front where fighting continued throughout the day with considerable intensity on both sides the enemy were reported to have suffered heavy losses in men and material during the operations, and it is stated that further reinforcements were being moved up to the front where fighting continued throughout the day with considerable intensity on both sides the enemy were reported to have suffered heavy losses in men and material during the operations, and it is stated that further reinforcements were being moved up to the front where fighting continued throughout the day with considerable intensity on both sides the enemy were reported to have suffered heavy losses in men and material during the operations, and it is stated that further reinforcements were being moved up to the front where fighting continued throughout the day with considerable intensity on both sides the enemy were reported to have suffered heavy losses in men and material during the operations, and it is stated that further reinforcements were being moved up to the front where fighting continued throughout the day with considerable intensity on both sides the enemy were reported to have suffered heavy losses in men and material during the operations, and it is stated that further reinforcements were being moved up to the front where fighting continued throughout the day with considerable intensity on both sides the enemy were reported to have suffered heav

Commander in Norway

the enemy were reported to have suffered heavy losses in men and material during the operations, and it is stated that further reinforcements were being moved up to the front where fighting continued throughout the day with considerable intensity on both sides the enemy were reported to have suffered heavy loss

WAR CASUALTIES
UNITED KINGDOM AND DOMINIONS
FIGURES GIVEN IN COMMONS
(N.Z. Press Association—Copyright)
(Rec. 6 p.m.) LONDON, June 1.

War casualties in all ranks of the British armed forces total 514,993, made up of 92,089 killed, 226,719 missing, 88,294 wounded, and 107,891 prisoners of war. These figures were given in the House of Commons by the Deputy Prime Minister (Mr C. R. Attlee).

the enemy were reported to have suffered heavy losses in men and material during the operations, and it is stated that further reinforcements were being moved up to the front where fighting continued throughout the day with considerable intensity on both sides the enemy were reported to have suffered heavy losses in men and material during the operations, and it is stated that further reinforcements were being moved up to the front where fighting continued throughout the day with considerable intensity on both sides the enemy were reported to have suffered heavy losses in men and material during the operations, and it is stated that further reinforcements were being moved up to the front where fighting continued throughout the day with considerable intensity on both sides the enemy were reported to have suffered heavy losses in men and material during the operations, and it is stated that further reinforcements were being moved up to the front where fighting continued throughout the day with considerable intensity on both sides the enemy were reported to have suffered heavy losses in men and material during the operations, and it is stated that further reinforcements were being moved up to the front where fighting continued throughout the day with considerable intensity on both sides the enemy were reported to have suffered heavy losses in men and material during the operations, and it is stated that further reinforcements were being moved up to the front where fighting continued throughout the day with considerable intensity on both

WAR SERVICE FOR U.S. FORCES
PREDICTION BY GENERAL ARNOLD
(Rec. 1 a.m.) NEW YORK, June 1.

The Chief of the United States Army Air Forces (General H. H. Arnold), speaking at West Point, predicted that it will be only a matter of weeks before you see active service in China, India, North Africa, the Pacific, and Great Britain.

the enemy were reported to have suffered heavy losses in men and material during the operations, and it is stated that further reinforcements were being moved up to the front where fighting continued throughout the day with considerable intensity on both sides the enemy were reported to have suffered heavy loss

CANADIAN ARMY
PHYSICAL STANDARD OF RECRUITS
(Rec. 12.30 a.m.) OTTAWA, June 1.

Fifty of every 100 men examined for enlistment in the Canadian Army had been rejected, 35 per cent. for physical unfitness and 15 per cent. for mental instability.

the enemy were reported to have suffered heavy losses in men and material during the operations, and it is stated that further reinforcements were being moved up to the front where fighting continued throughout the day with considerable intensity on both sides the enemy were reported to have suffered heavy loss

PREMIER OF ALBERTA
(Rec. 11 p.m.) OTTAWA, June 1.

The Minister of Trade in Alberta, Mr E. C. Manning, succeeded Mr William Aberhart as Premier, becoming Canada's youngest Premier.

the enemy were reported to have suffered heavy losses in men and material during the operations, and it

BATTLE WITH U-BOATS
ATLANTIC CONVOY
V.C.'S SHIP MAKES FIRST HIT
LONDON, March 19.

The first full account of one of the greatest winter battles of the Atlantic between a pack of U-boats and convoy escorts, in which at least three German submarines were probably destroyed and many others seriously damaged, was issued by the Admiralty this morning.

the enemy were reported to have suffered heavy losses in men and material during the operations, and it is stated that further reinforcements were being moved up to the front where fighting continued throughout the day with considerable intensity on both sides the enemy were reported to have suffered heavy losses in men and material during the operations, and it is stated that further reinforcements were being moved up to the front where fighting continued throughout the day with considerable intensity on both sides the enemy were reported to have suffered heavy losses in men and material during the operations, and it is stated that further reinforcements were being moved up to the front where fighting continued throughout the day with considerable intensity on both sides the enemy were reported to have suffered heavy losses in men and material during the operations, and it is stated that further reinforcements were being moved up to the front where fighting continued throughout the day with considerable intensity on both sides the enemy were reported to have suffered heavy losses in men and material during the operations, and it is stated that further reinforcements were being moved up to the front where fighting continued throughout the day with considerable intensity on both sides the enemy were reported to have suffered heavy losses in men and material during the operations, and it is stated that further reinforcements were being moved up to the front where fighting continued throughout the day with considerable intensity on both sides the enemy were reported to have suffered heavy losses in men and material during the operations, and it is stated that further reinforcements were being moved up to the front where fighting continued throughout the day with considerable intensity on both sides the enemy were reported to have suffered heavy losses in men and material during the operations, and it is stated that further reinforcements were being moved up to the front where fighting continued throughout the day with considerable intensity on both sides the enemy were reported to have suffered heavy losses in men and material during the operations, and it is stated that further reinforcements were being moved up to the front where fighting continued

Pack Grows Every Hour

the enemy were reported to have suffered heavy losses in men and material during the operations, and it is stated that further reinforcements were being moved up to the front where fighting continued throughout the day with considerable intensity on both sides the enemy were reported to have suffered heavy losses in men and material during the operations, and it is stated that further reinforcements were being moved up to the front where fighting continued throughout the day with considerable intensity on both sides the enemy were reported to have suffered heavy losses in men and material during the operations, and it is stated that further reinforcements were being moved up to the front where fighting continued throughout the day with considerable intensity on both sides the enemy were reported to have suffered heavy losses in men and material during the operations, and it is stated that further reinforcements were being moved up to the front where fighting continued throughout the day with considerable intensity on both sides the enemy were reported to have suffered heavy losses in men and material during the operations, and it is stated that further reinforcements were being moved up to the front where fighting continued throughout the day with considerable intensity on both sides the enemy were reported to have suffered heavy losses in men and material during the operations, and it is stated that further reinforcements were being moved up to the front where fighting continued throughout the day with considerable intensity on both

Aircraft Successes

the enemy were reported to have suffered heavy losses in men and material during the operations, and it is stated that further reinforcements were being moved up to the front where fighting continued throughout the day with considerable intensity on both sides the enemy were reported to have suffered heavy losses in men and material during the operations, and it is stated that further reinforcements were being moved up to the front where fighting continued throughout the day with considerable intensity on both sides the enemy were reported to have suffered heavy losses in men and material during the operations, and it is stated that further reinforcements were being moved up to the front where fighting continued throughout the day with considerable intensity on both sides the enemy were reported to have suffered heavy losses in men and material during the operations, and it is stated that further reinforcements were being moved up to the front where fighting continued throughout the day with considerable intensity on both sides the enemy were reported to have suffered heavy losses in men and material during the operations, and it is stated that further reinforcements were being moved up to the front where fighting continued throughout the day with considerable intensity on both sides the enemy were reported to have suffered heavy losses in men and material during the operations, and it is stated that further reinforcements were being moved up to the front where fighting continued throughout the day with considerable intensity on both
